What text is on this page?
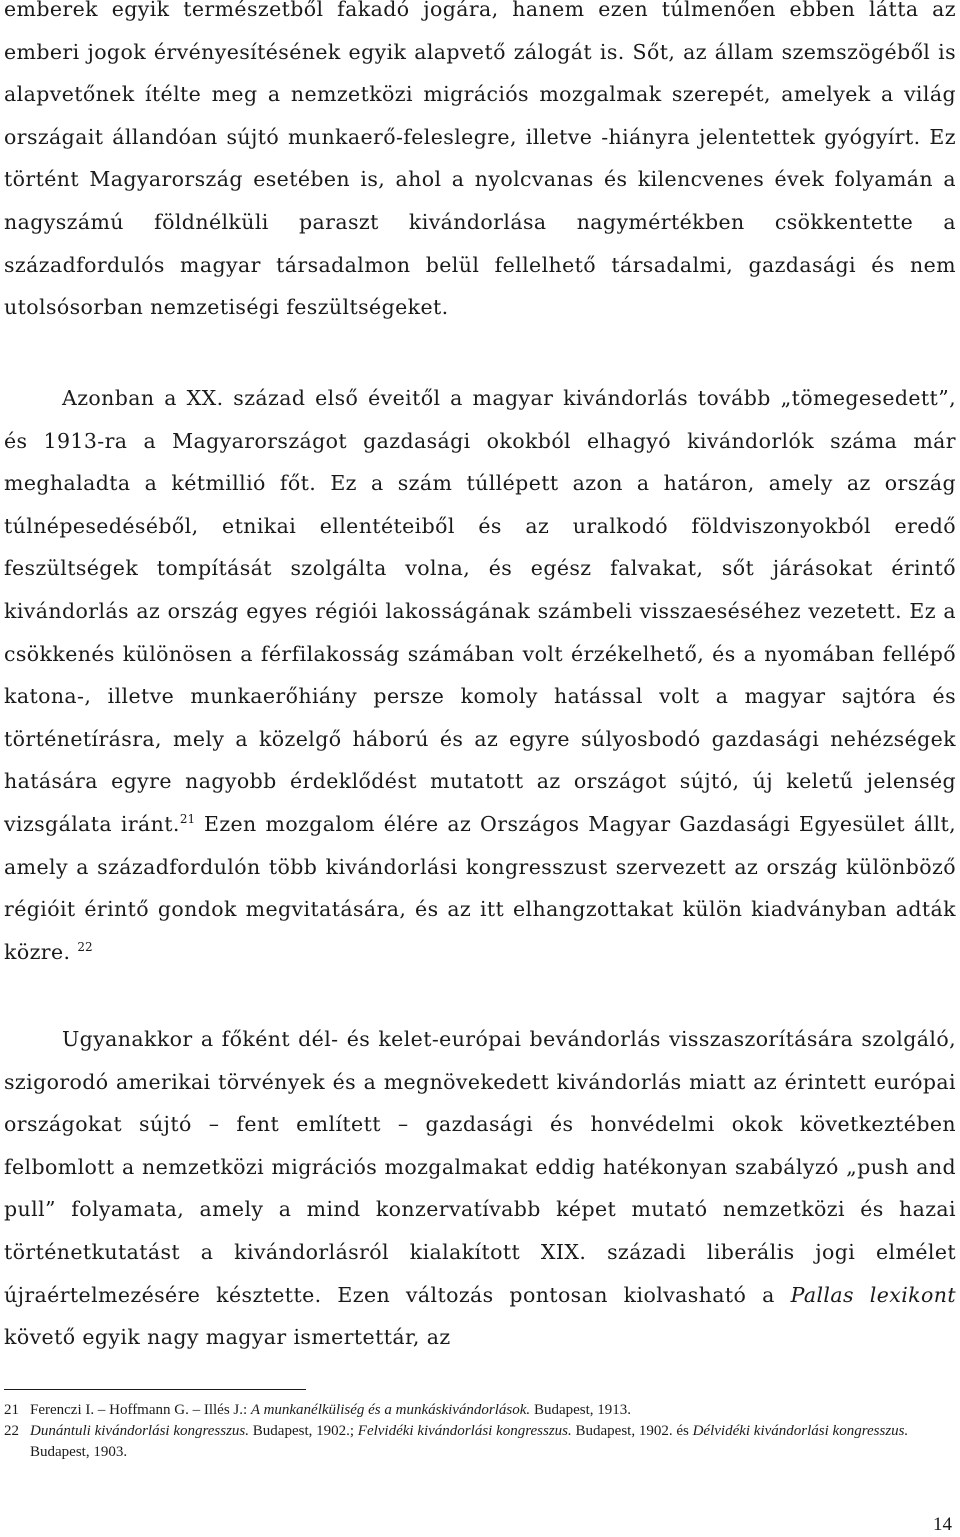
emberek egyik természetből fakadó jogára, hanem ezen túlmenően ebben látta az emberi jogok érvényesítésének egyik alapvető zálogát is. Sőt, az állam szemszögéből is alapvetőnek ítélte meg a nemzetközi migrációs mozgalmak szerepét, amelyek a világ országait állandóan sújtó munkaerő-feleslegre, illetve -hiányra jelentettek gyógyírt. Ez történt Magyarország esetében is, ahol a nyolcvanas és kilencvenes évek folyamán a nagyszámú földnélküli paraszt kivándorlása nagymértékben csökkentette a századfordulós magyar társadalmon belül fellelhető társadalmi, gazdasági és nem utolsósorban nemzetiségi feszültségeket.

Azonban a XX. század első éveitől a magyar kivándorlás tovább „tömegesedett”, és 1913-ra a Magyarországot gazdasági okokból elhagyó kivándorlók száma már meghaladta a kétmillió főt. Ez a szám túllépett azon a határon, amely az ország túlnépesedéséből, etnikai ellentéteiből és az uralkodó földviszonyokból eredő feszültségek tompítását szolgálta volna, és egész falvakat, sőt járásokat érintő kivándorlás az ország egyes régiói lakosságának számbeli visszaeséséhez vezetett. Ez a csökkenés különösen a férfilakosság számában volt érzékelhető, és a nyomában fellépő katona-, illetve munkaerőhiány persze komoly hatással volt a magyar sajtóra és történetírásra, mely a közelgő háború és az egyre súlyosbodó gazdasági nehézségek hatására egyre nagyobb érdeklődést mutatott az országot sújtó, új keletű jelenség vizsgálata iránt.$^{21}$ Ezen mozgalom élére az Országos Magyar Gazdasági Egyesület állt, amely a századfordulón több kivándorlási kongresszust szervezett az ország különböző régióit érintő gondok megvitatására, és az itt elhangzottakat külön kiadványban adták közre. $^{22}$

Ugyanakkor a főként dél- és kelet-európai bevándorlás visszaszorítására szolgáló, szigorodó amerikai törvények és a megnövekedett kivándorlás miatt az érintett európai országokat sújtó – fent említett – gazdasági és honvédelmi okok következtében felbomlott a nemzetközi migrációs mozgalmakat eddig hatékonyan szabályzó „push and pull” folyamata, amely a mind konzervatívabb képet mutató nemzetközi és hazai történetkutatást a kivándorlásról kialakított XIX. századi liberális jogi elmélet újraértelmezésére késztette. Ezen változás pontosan kiolvasható a Pallas lexikont követő egyik nagy magyar ismertettár, az

21 Ferenczi I. – Hoffmann G. – Illés J.: A munkanélküliség és a munkáskivándorlások. Budapest, 1913.
22 Dunántuli kivándorlási kongresszus. Budapest, 1902.; Felvidéki kivándorlási kongresszus. Budapest, 1902. és Délvidéki kivándorlási kongresszus. Budapest, 1903.
14
